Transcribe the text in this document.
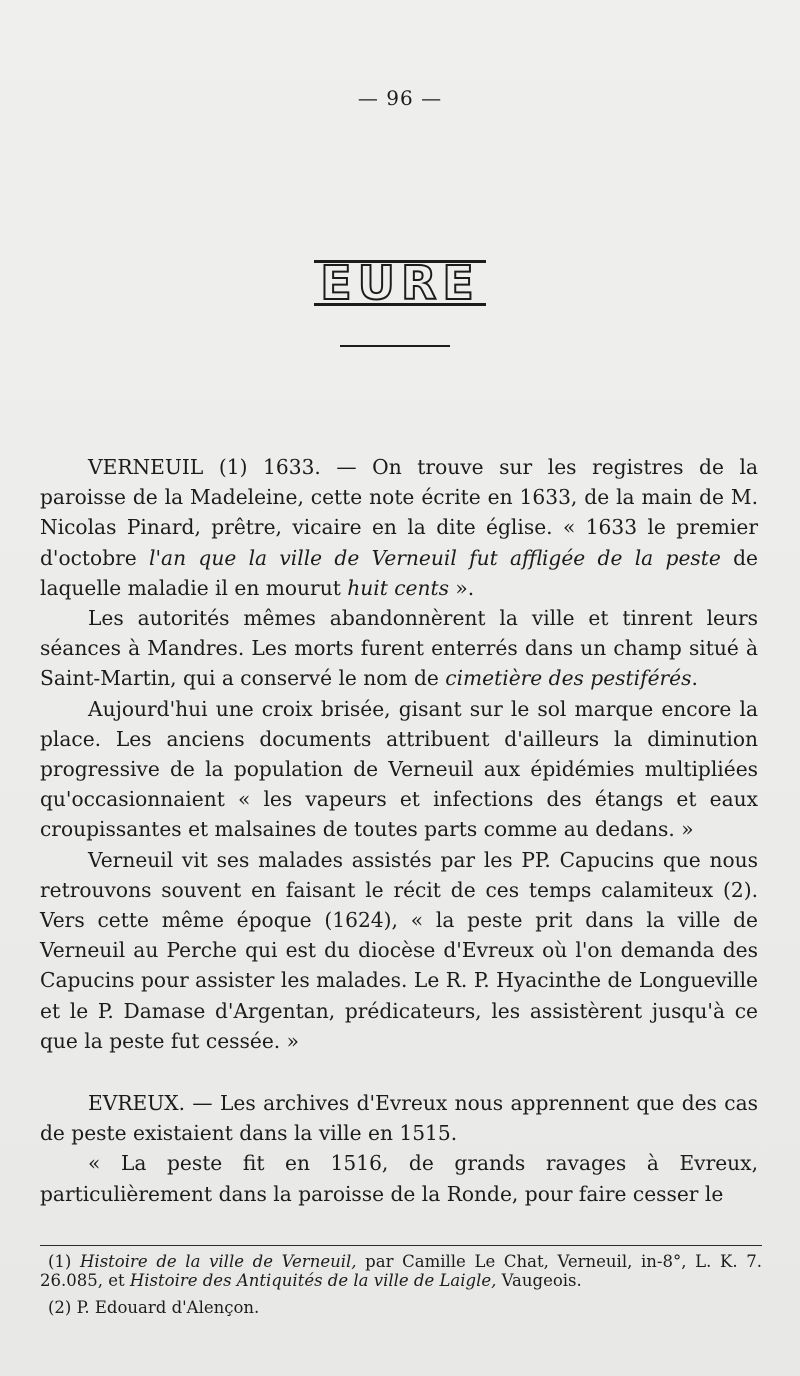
— 96 —
EURE

VERNEUIL (1) 1633. — On trouve sur les registres de la paroisse de la Madeleine, cette note écrite en 1633, de la main de M. Nicolas Pinard, prêtre, vicaire en la dite église. « 1633 le premier d'octobre l'an que la ville de Verneuil fut affligée de la peste de laquelle maladie il en mourut huit cents ».

Les autorités mêmes abandonnèrent la ville et tinrent leurs séances à Mandres. Les morts furent enterrés dans un champ situé à Saint-Martin, qui a conservé le nom de cimetière des pestiférés.

Aujourd'hui une croix brisée, gisant sur le sol marque encore la place. Les anciens documents attribuent d'ailleurs la diminution progressive de la population de Verneuil aux épidémies multipliées qu'occasionnaient « les vapeurs et infections des étangs et eaux croupissantes et malsaines de toutes parts comme au dedans. »

Verneuil vit ses malades assistés par les PP. Capucins que nous retrouvons souvent en faisant le récit de ces temps calamiteux (2). Vers cette même époque (1624), « la peste prit dans la ville de Verneuil au Perche qui est du diocèse d'Evreux où l'on demanda des Capucins pour assister les malades. Le R. P. Hyacinthe de Longueville et le P. Damase d'Argentan, prédicateurs, les assistèrent jusqu'à ce que la peste fut cessée. »

EVREUX. — Les archives d'Evreux nous apprennent que des cas de peste existaient dans la ville en 1515.

« La peste fit en 1516, de grands ravages à Evreux, particulièrement dans la paroisse de la Ronde, pour faire cesser le

(1) Histoire de la ville de Verneuil, par Camille Le Chat, Verneuil, in-8°, L. K. 7. 26.085, et Histoire des Antiquités de la ville de Laigle, Vaugeois.

(2) P. Edouard d'Alençon.
